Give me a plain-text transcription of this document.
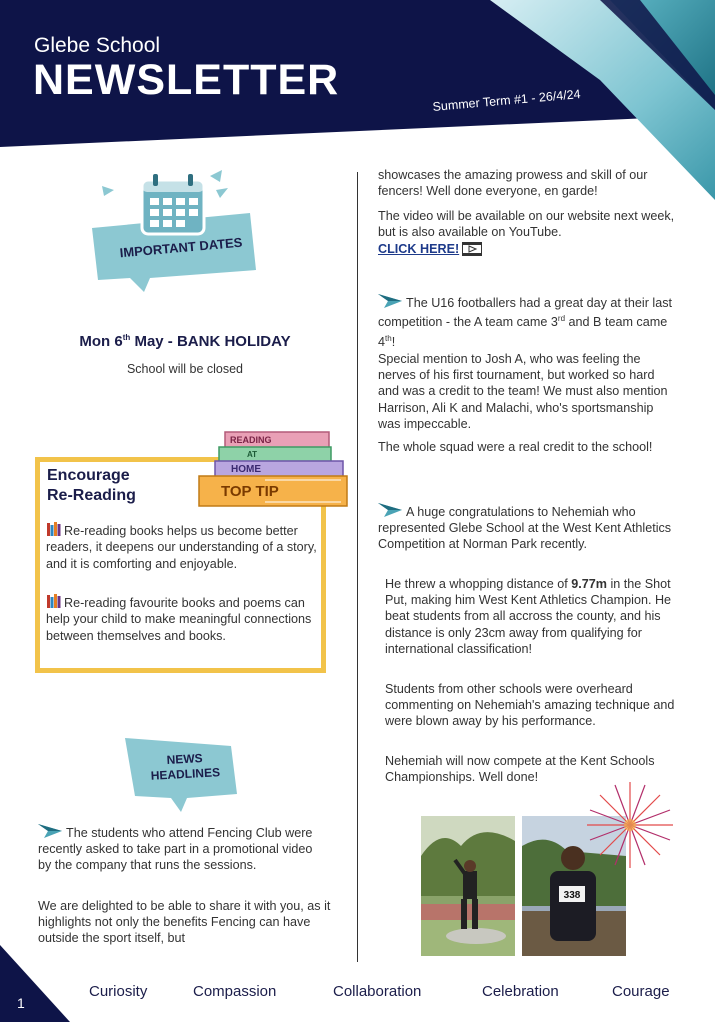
Glebe School
NEWSLETTER	Summer Term #1 - 26/4/24
IMPORTANT DATES
Mon 6th May - BANK HOLIDAY
School will be closed
READING
AT
HOME
TOP TIP
Encourage
Re-Reading
Re-reading books helps us become better readers, it deepens our understanding of a story, and it is comforting and enjoyable.
Re-reading favourite books and poems can help your child to make meaningful connections between themselves and books.
NEWS
HEADLINES
The students who attend Fencing Club were recently asked to take part in a promotional video by the company that runs the sessions.
We are delighted to be able to share it with you, as it highlights not only the benefits Fencing can have outside the sport itself, but
showcases the amazing prowess and skill of our fencers! Well done everyone, en garde!
The video will be available on our website next week, but is also available on YouTube.
CLICK HERE!
The U16 footballers had a great day at their last competition - the A team came 3rd and B team came 4th!
Special mention to Josh A, who was feeling the nerves of his first tournament, but worked so hard and was a credit to the team! We must also mention Harrison, Ali K and Malachi, who's sportsmanship was impeccable.
The whole squad were a real credit to the school!
A huge congratulations to Nehemiah who represented Glebe School at the West Kent Athletics Competition at Norman Park recently.
He threw a whopping distance of 9.77m in the Shot Put, making him West Kent Athletics Champion. He beat students from all accross the county, and his distance is only 23cm away from qualifying for international classification!
Students from other schools were overheard commenting on Nehemiah's amazing technique and were blown away by his performance.
Nehemiah will now compete at the Kent Schools Championships. Well done!
338
1
Curiosity	Compassion	Collaboration	Celebration	Courage
